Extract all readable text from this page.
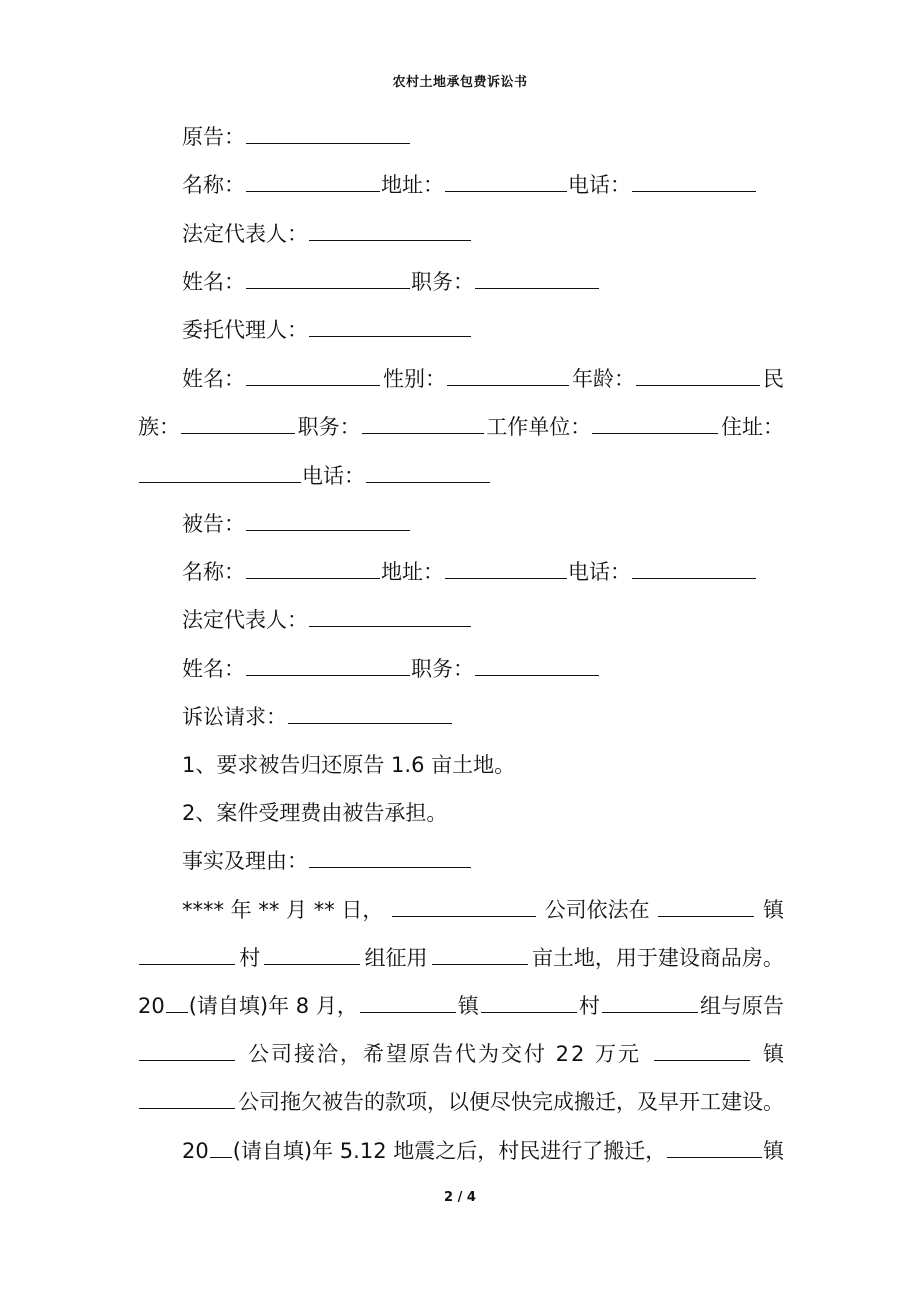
农村土地承包费诉讼书
原告：
名称：	地址：	电话：
法定代表人：
姓名：	职务：
委托代理人：
姓名：	性别：	年龄：	民
族：	职务：	工作单位：	住址：
电话：
被告：
名称：	地址：	电话：
法定代表人：
姓名：	职务：
诉讼请求：
1、要求被告归还原告 1.6 亩土地。
2、案件受理费由被告承担。
事实及理由：
**** 年 ** 月 ** 日，	公司依法在	镇
村	组征用	亩土地，用于建设商品房。
20 (请自填)年 8 月，	镇	村	组与原告
公司接洽，希望原告代为交付 22 万元	镇
公司拖欠被告的款项，以便尽快完成搬迁，及早开工建设。
20 (请自填)年 5.12 地震之后，村民进行了搬迁，	镇
2 / 4
